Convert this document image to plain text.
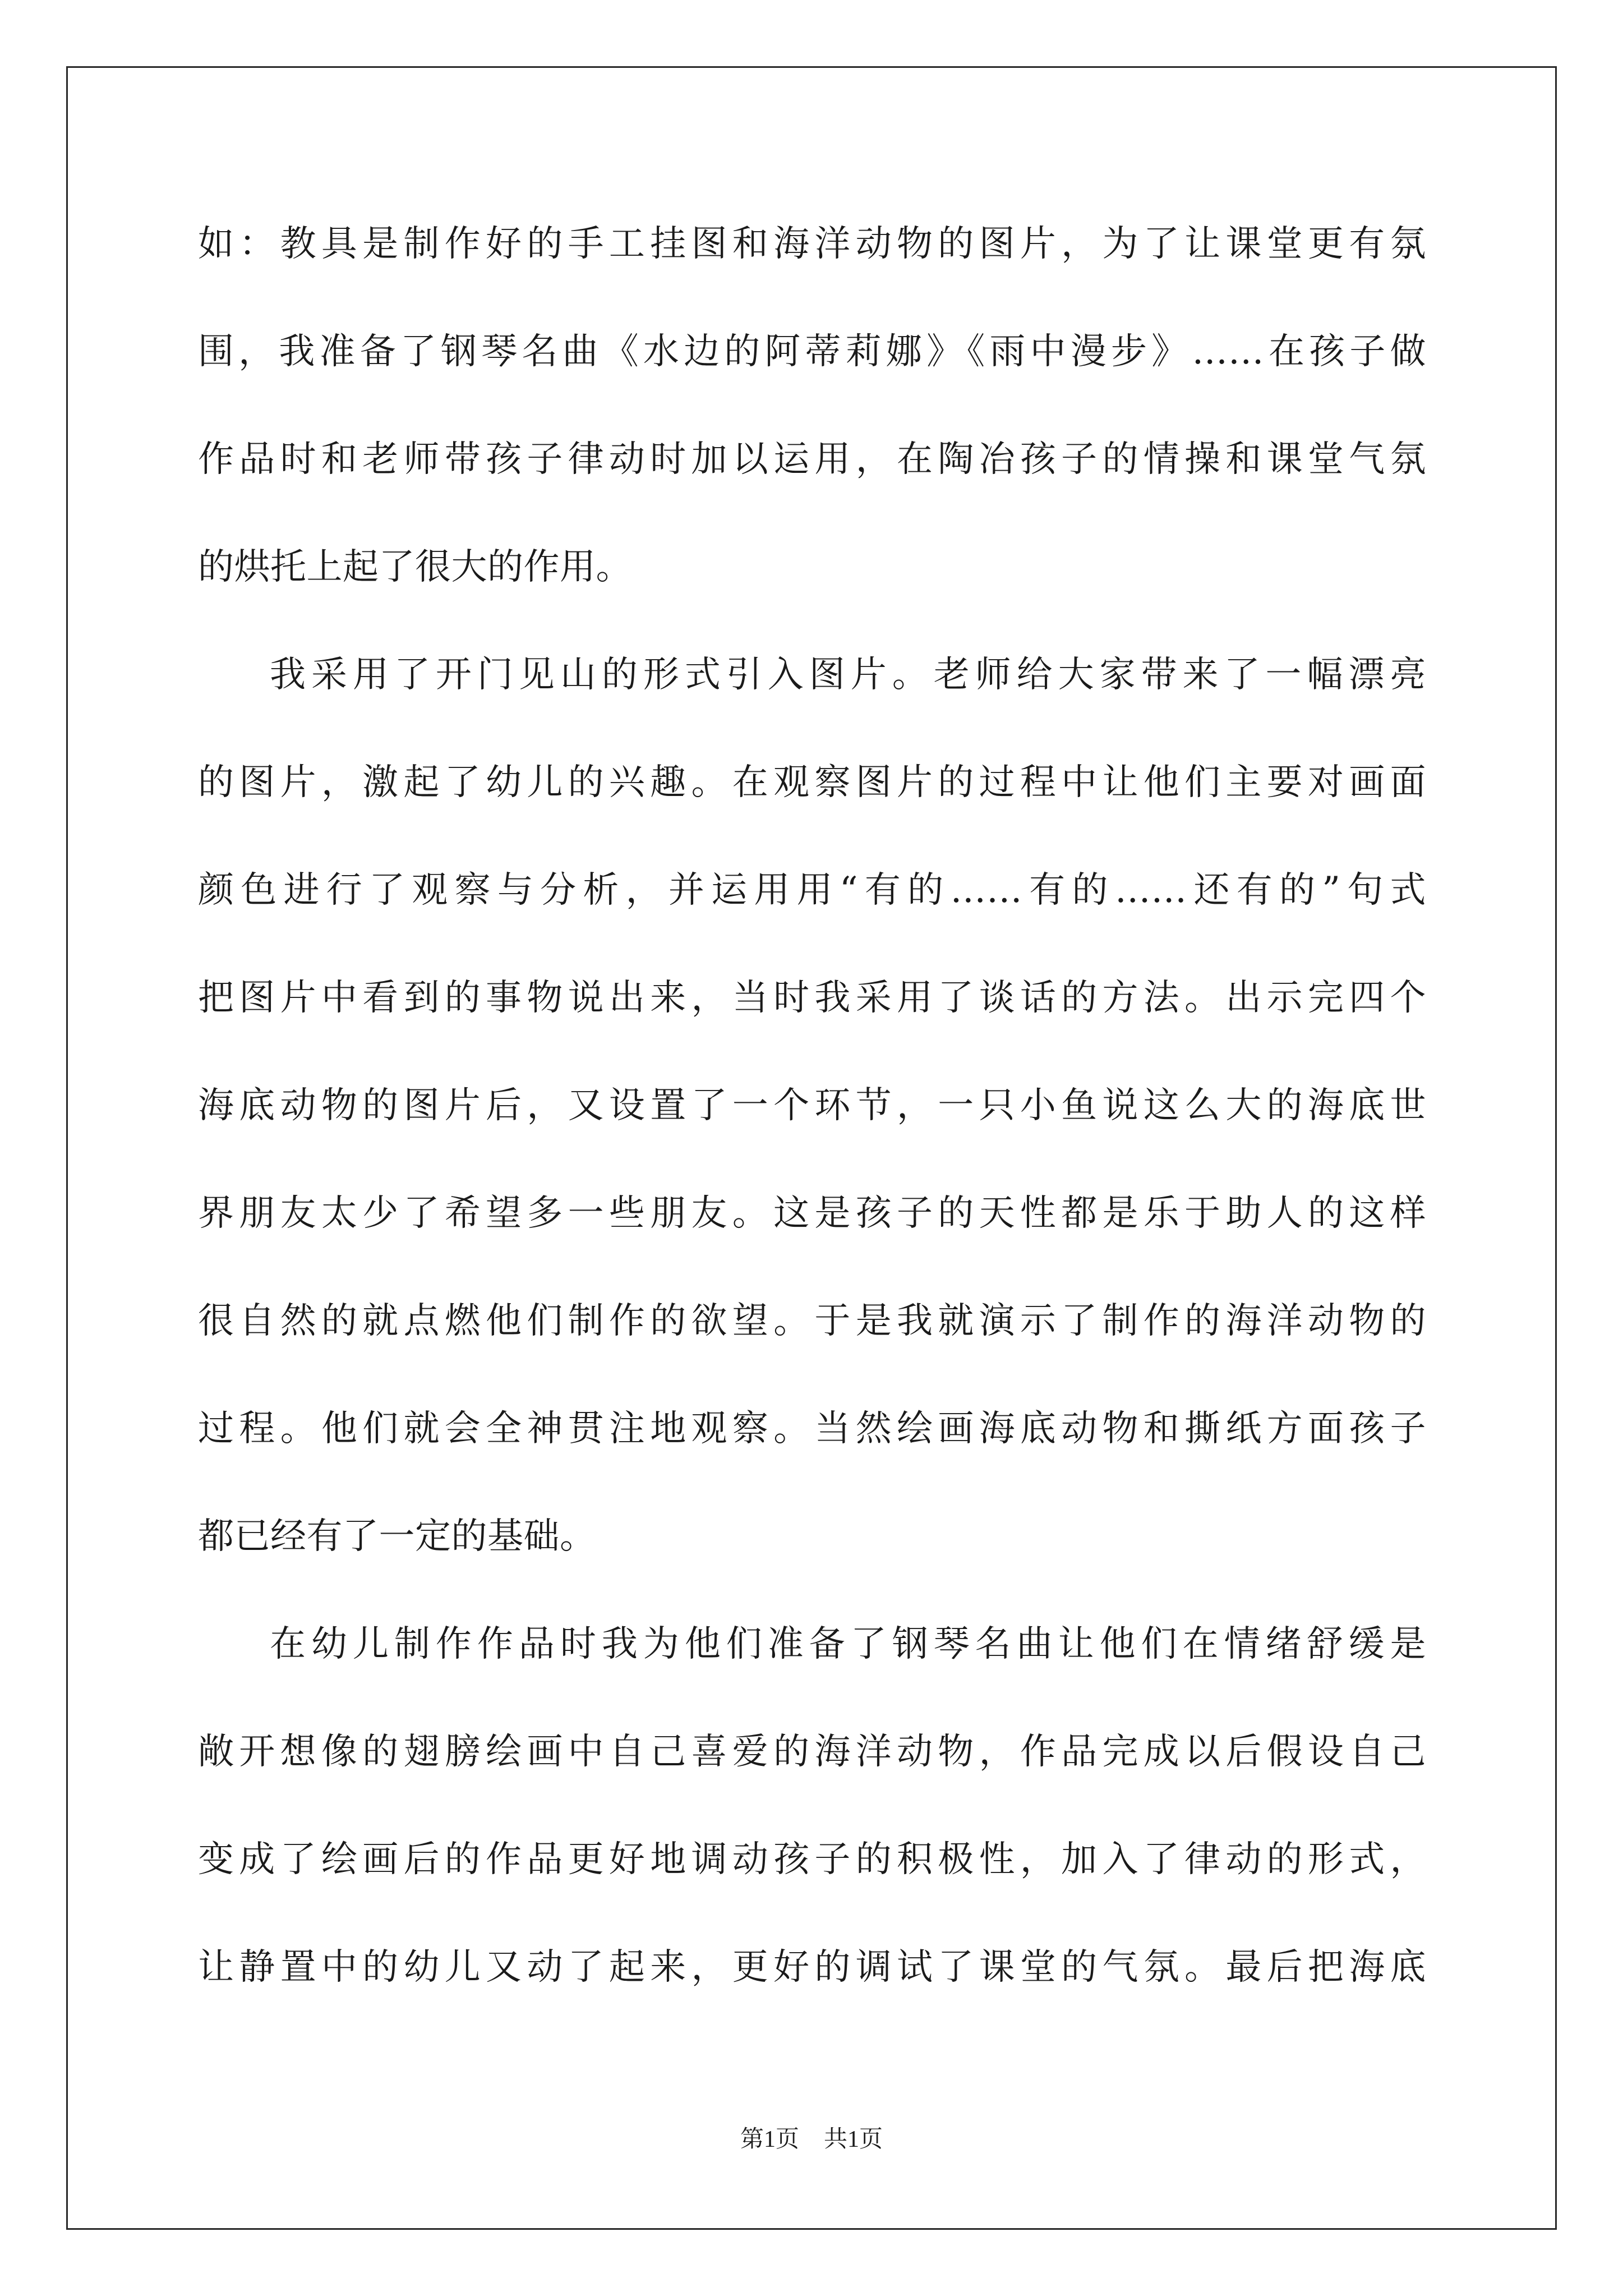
如：教具是制作好的手工挂图和海洋动物的图片，为了让课堂更有氛
围，我准备了钢琴名曲《水边的阿蒂莉娜》《雨中漫步》……在孩子做
作品时和老师带孩子律动时加以运用，在陶冶孩子的情操和课堂气氛
的烘托上起了很大的作用。
我采用了开门见山的形式引入图片。老师给大家带来了一幅漂亮
的图片，激起了幼儿的兴趣。在观察图片的过程中让他们主要对画面
颜色进行了观察与分析，并运用用“有的……有的……还有的”句式
把图片中看到的事物说出来，当时我采用了谈话的方法。出示完四个
海底动物的图片后，又设置了一个环节，一只小鱼说这么大的海底世
界朋友太少了希望多一些朋友。这是孩子的天性都是乐于助人的这样
很自然的就点燃他们制作的欲望。于是我就演示了制作的海洋动物的
过程。他们就会全神贯注地观察。当然绘画海底动物和撕纸方面孩子
都已经有了一定的基础。
在幼儿制作作品时我为他们准备了钢琴名曲让他们在情绪舒缓是
敞开想像的翅膀绘画中自己喜爱的海洋动物，作品完成以后假设自己
变成了绘画后的作品更好地调动孩子的积极性，加入了律动的形式，
让静置中的幼儿又动了起来，更好的调试了课堂的气氛。最后把海底
第1页 共1页
